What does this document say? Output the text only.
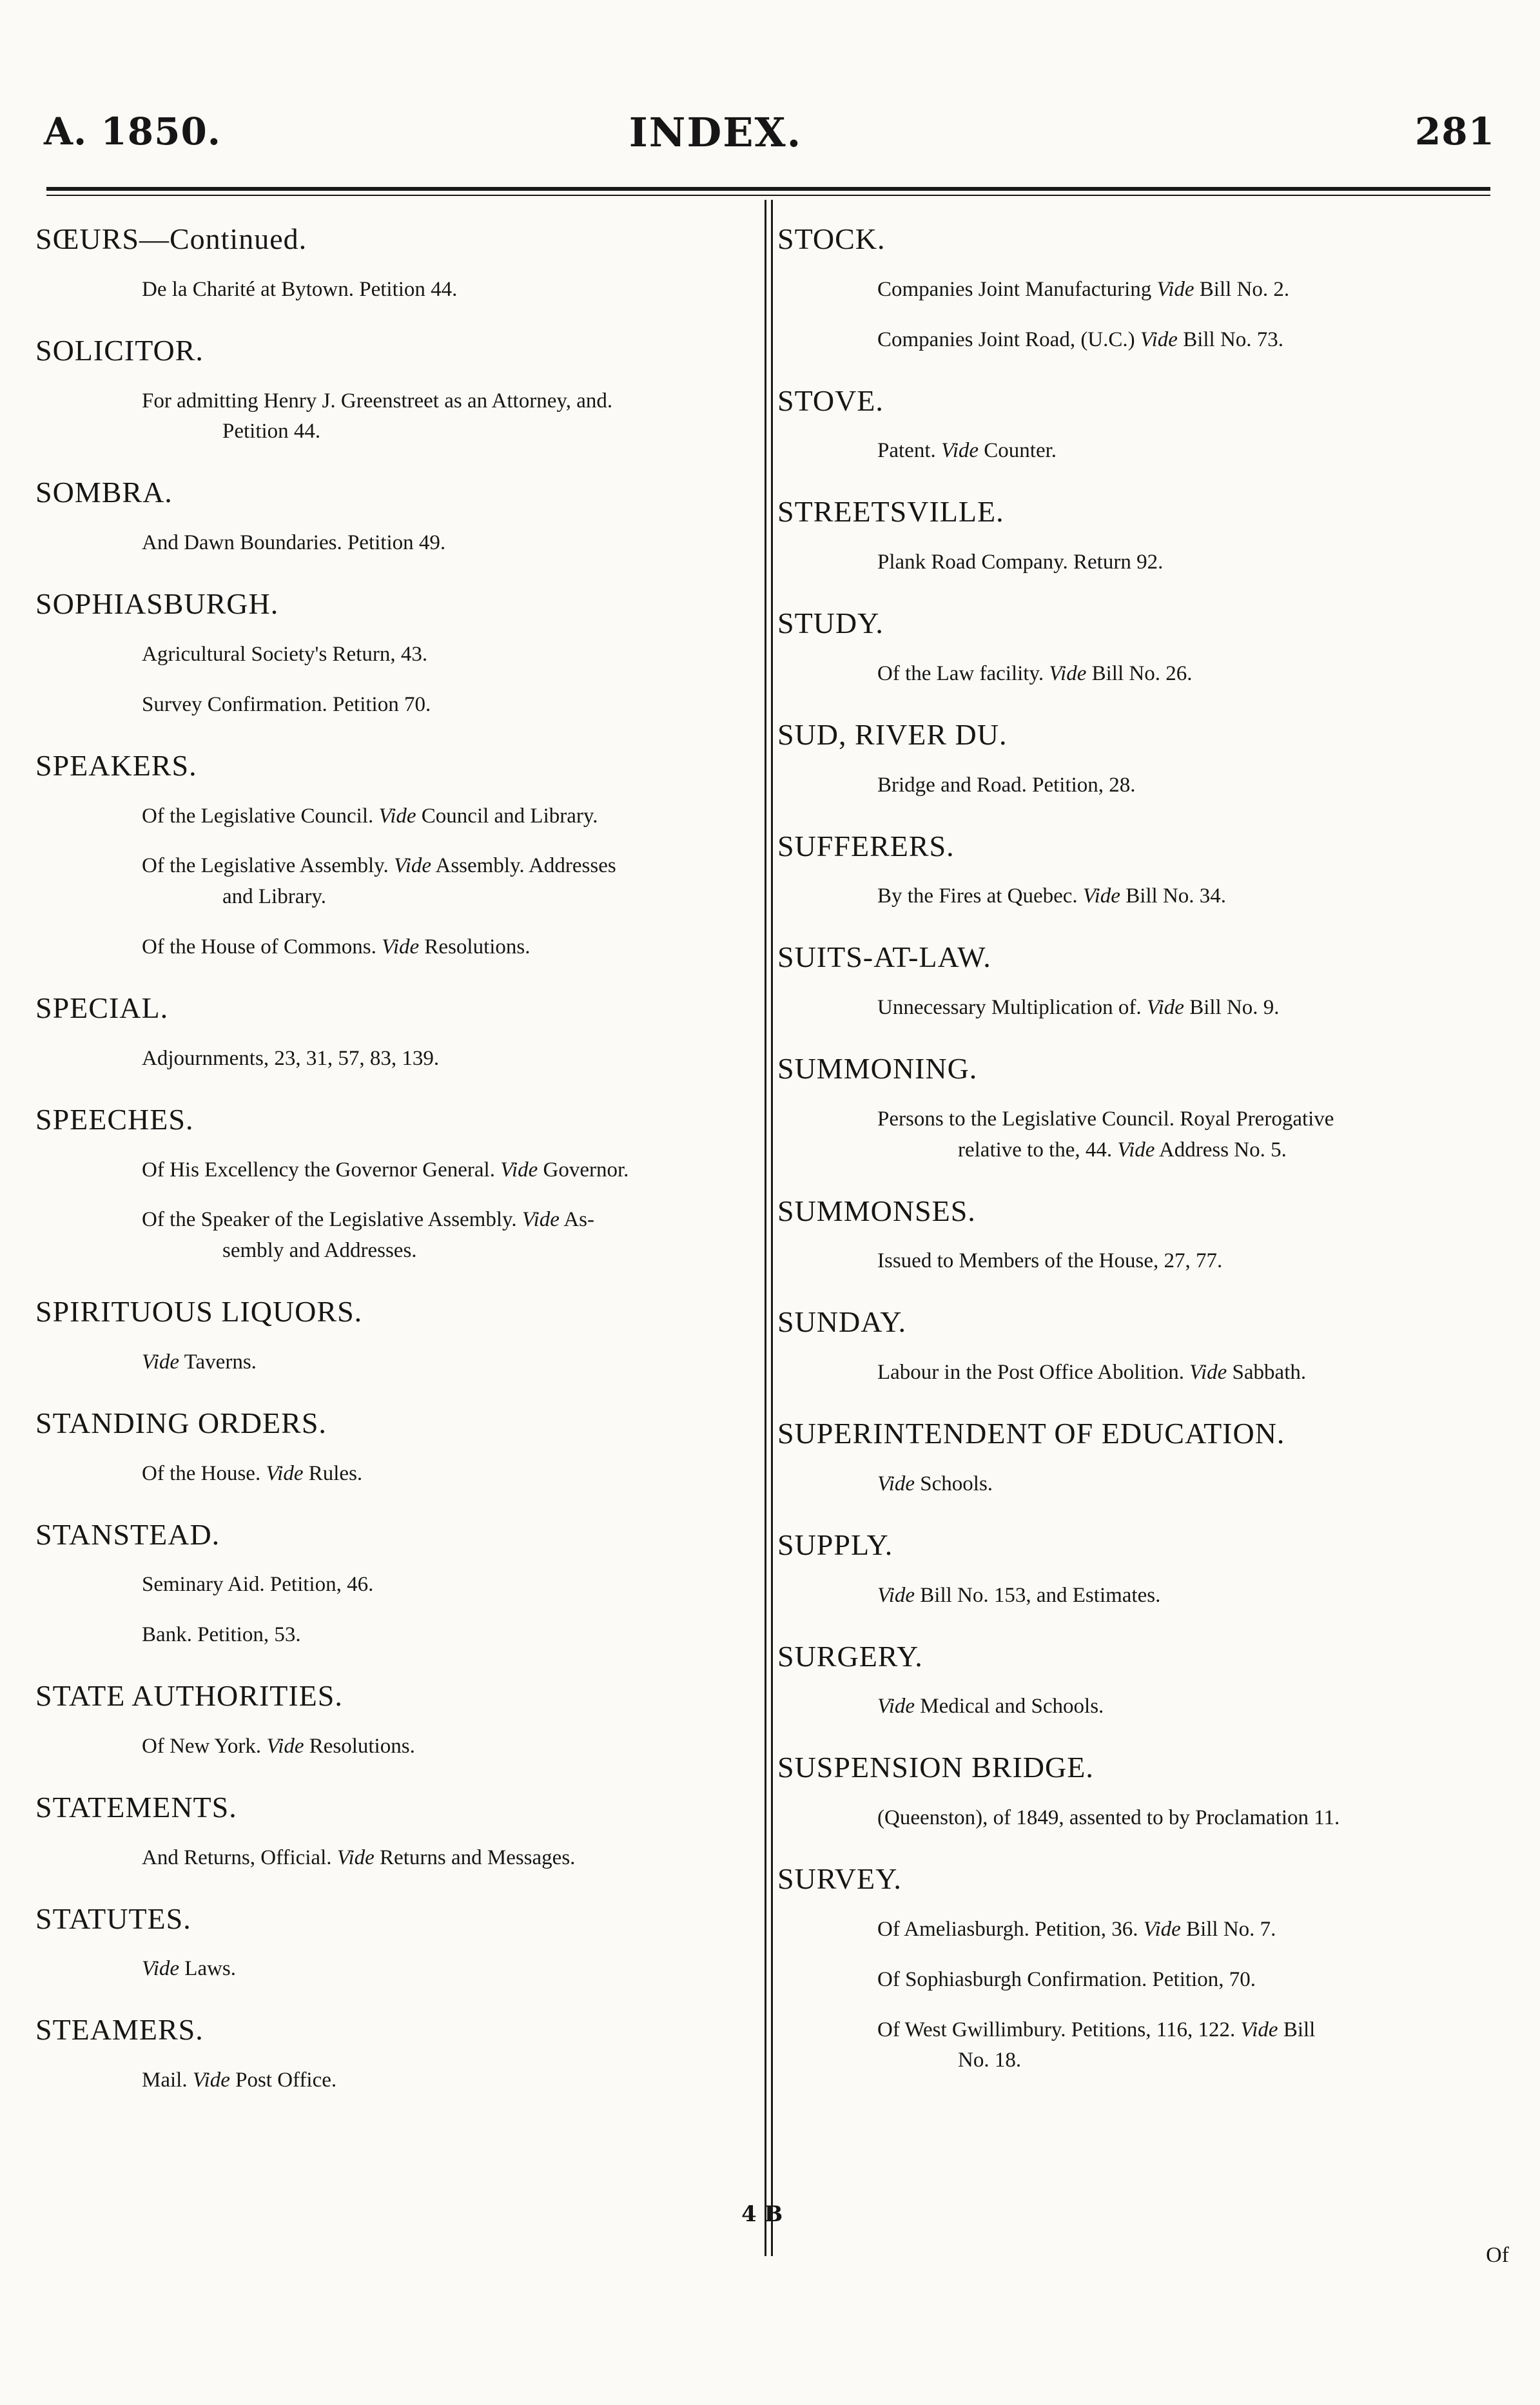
A. 1850.	INDEX.	281
SŒURS—Continued.
De la Charité at Bytown. Petition 44.
SOLICITOR.
For admitting Henry J. Greenstreet as an Attorney, and.
Petition 44.
SOMBRA.
And Dawn Boundaries. Petition 49.
SOPHIASBURGH.
Agricultural Society's Return, 43.
Survey Confirmation. Petition 70.
SPEAKERS.
Of the Legislative Council. Vide Council and Library.
Of the Legislative Assembly. Vide Assembly. Addresses
and Library.
Of the House of Commons. Vide Resolutions.
SPECIAL.
Adjournments, 23, 31, 57, 83, 139.
SPEECHES.
Of His Excellency the Governor General. Vide Governor.
Of the Speaker of the Legislative Assembly. Vide As-
sembly and Addresses.
SPIRITUOUS LIQUORS.
Vide Taverns.
STANDING ORDERS.
Of the House. Vide Rules.
STANSTEAD.
Seminary Aid. Petition, 46.
Bank. Petition, 53.
STATE AUTHORITIES.
Of New York. Vide Resolutions.
STATEMENTS.
And Returns, Official. Vide Returns and Messages.
STATUTES.
Vide Laws.
STEAMERS.
Mail. Vide Post Office.
STOCK.
Companies Joint Manufacturing Vide Bill No. 2.
Companies Joint Road, (U.C.) Vide Bill No. 73.
STOVE.
Patent. Vide Counter.
STREETSVILLE.
Plank Road Company. Return 92.
STUDY.
Of the Law facility. Vide Bill No. 26.
SUD, RIVER DU.
Bridge and Road. Petition, 28.
SUFFERERS.
By the Fires at Quebec. Vide Bill No. 34.
SUITS-AT-LAW.
Unnecessary Multiplication of. Vide Bill No. 9.
SUMMONING.
Persons to the Legislative Council. Royal Prerogative
relative to the, 44. Vide Address No. 5.
SUMMONSES.
Issued to Members of the House, 27, 77.
SUNDAY.
Labour in the Post Office Abolition. Vide Sabbath.
SUPERINTENDENT OF EDUCATION.
Vide Schools.
SUPPLY.
Vide Bill No. 153, and Estimates.
SURGERY.
Vide Medical and Schools.
SUSPENSION BRIDGE.
(Queenston), of 1849, assented to by Proclamation 11.
SURVEY.
Of Ameliasburgh. Petition, 36. Vide Bill No. 7.
Of Sophiasburgh Confirmation. Petition, 70.
Of West Gwillimbury. Petitions, 116, 122. Vide Bill
No. 18.
4 B
Of
